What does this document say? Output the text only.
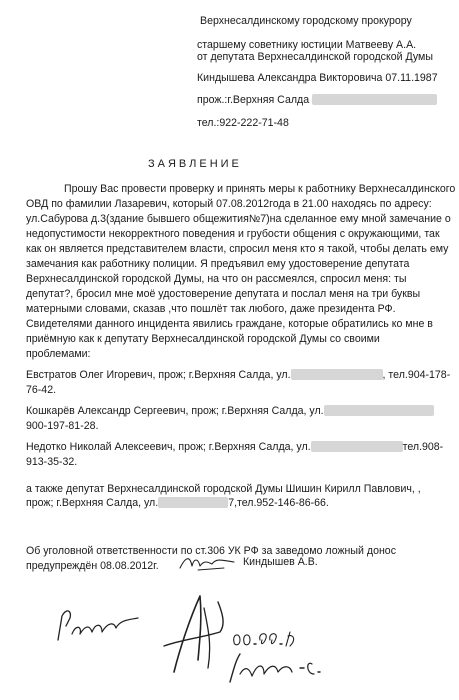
Верхнесалдинскому городскому прокурору
старшему советнику юстиции Матвееву А.А.
от депутата Верхнесалдинской городской Думы
Киндышева Александра Викторовича 07.11.1987
прож.:г.Верхняя Салда
тел.:922-222-71-48
ЗАЯВЛЕНИЕ
Прошу Вас провести проверку и принять меры к работнику Верхнесалдинского
ОВД по фамилии Лазаревич, который 07.08.2012года в 21.00 находясь по адресу:
ул.Сабурова д.3(здание бывшего общежития№7)на сделанное ему мной замечание о
недопустимости некорректного поведения и грубости общения с окружающими, так
как он является представителем власти, спросил меня кто я такой, чтобы делать ему
замечания как работнику полиции. Я предъявил ему удостоверение депутата
Верхнесалдинской городской Думы, на что он рассмеялся, спросил меня: ты
депутат?, бросил мне моё удостоверение депутата и послал меня на три буквы
матерными словами, сказав ,что пошлёт так любого, даже президента РФ.
Свидетелями данного инцидента явились граждане, которые обратились ко мне в
приёмную как к депутату Верхнесалдинской городской Думы со своими
проблемами:
Евстратов Олег Игоревич, прож; г.Верхняя Салда, ул.	, тел.904-178-
76-42.
Кошкарёв Александр Сергеевич, прож; г.Верхняя Салда, ул.
900-197-81-28.
Недотко Николай Алексеевич, прож; г.Верхняя Салда, ул.	тел.908-
913-35-32.
а также депутат Верхнесалдинской городской Думы Шишин Кирилл Павлович, ,
прож; г.Верхняя Салда, ул.	7,тел.952-146-86-66.
Об уголовной ответственности по ст.306 УК РФ за заведомо ложный донос
предупреждён 08.08.2012г.	Киндышев А.В.
